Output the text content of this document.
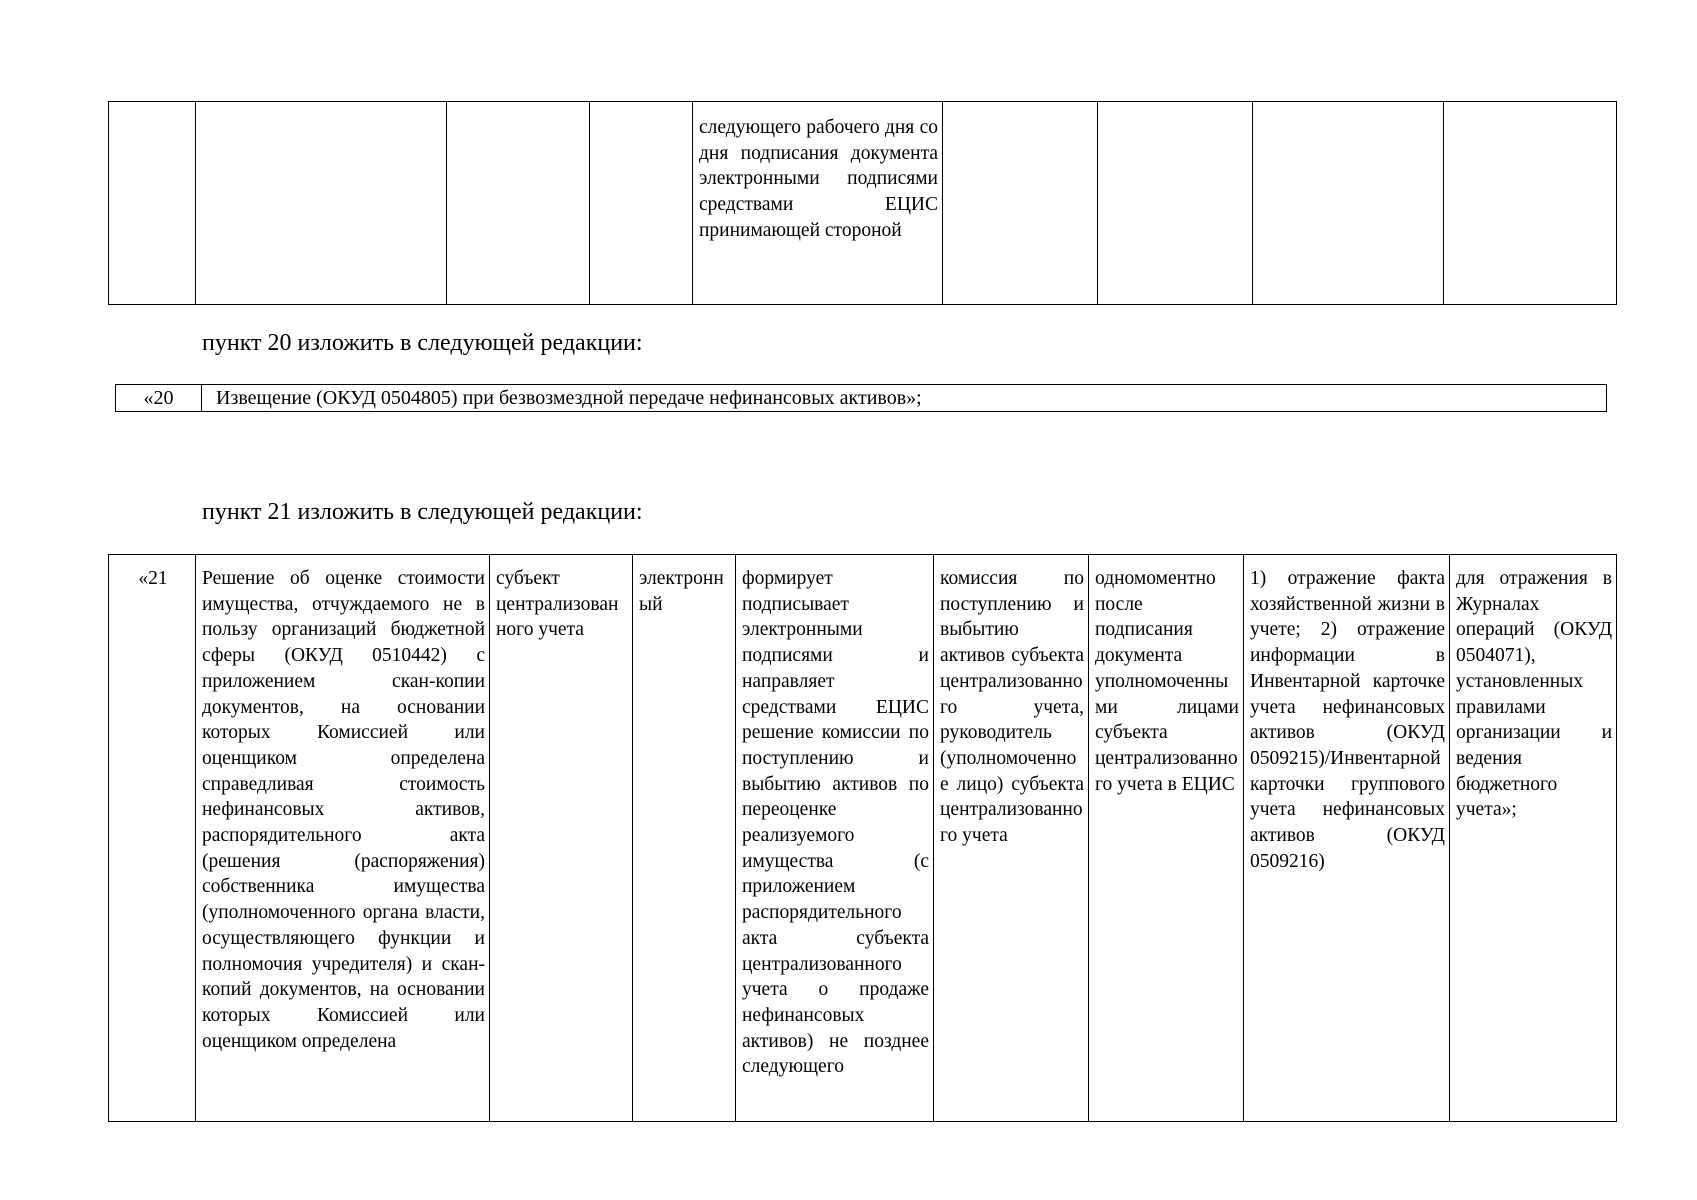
				следующего рабочего дня со дня подписания документа электронными подписями средствами ЕЦИС принимающей стороной				
пункт 20 изложить в следующей редакции:
«20	Извещение (ОКУД 0504805) при безвозмездной передаче нефинансовых активов»;
пункт 21 изложить в следующей редакции:
«21	Решение об оценке стоимости имущества, отчуждаемого не в пользу организаций бюджетной сферы (ОКУД 0510442) с приложением скан-копии документов, на основании которых Комиссией или оценщиком определена справедливая стоимость нефинансовых активов, распорядительного акта (решения (распоряжения) собственника имущества (уполномоченного органа власти, осуществляющего функции и полномочия учредителя) и скан-копий документов, на основании которых Комиссией или оценщиком определена	субъект централизованного учета	электронный	формирует подписывает электронными подписями и направляет средствами ЕЦИС решение комиссии по поступлению и выбытию активов по переоценке реализуемого имущества (с приложением распорядительного акта субъекта централизованного учета о продаже нефинансовых активов) не позднее следующего	комиссия по поступлению и выбытию активов субъекта централизованного учета, руководитель (уполномоченное лицо) субъекта централизованного учета	одномоментно после подписания документа уполномоченными лицами субъекта централизованного учета в ЕЦИС	1) отражение факта хозяйственной жизни в учете; 2) отражение информации в Инвентарной карточке учета нефинансовых активов (ОКУД 0509215)/Инвентарной карточки группового учета нефинансовых активов (ОКУД 0509216)	для отражения в Журналах операций (ОКУД 0504071), установленных правилами организации и ведения бюджетного учета»;
